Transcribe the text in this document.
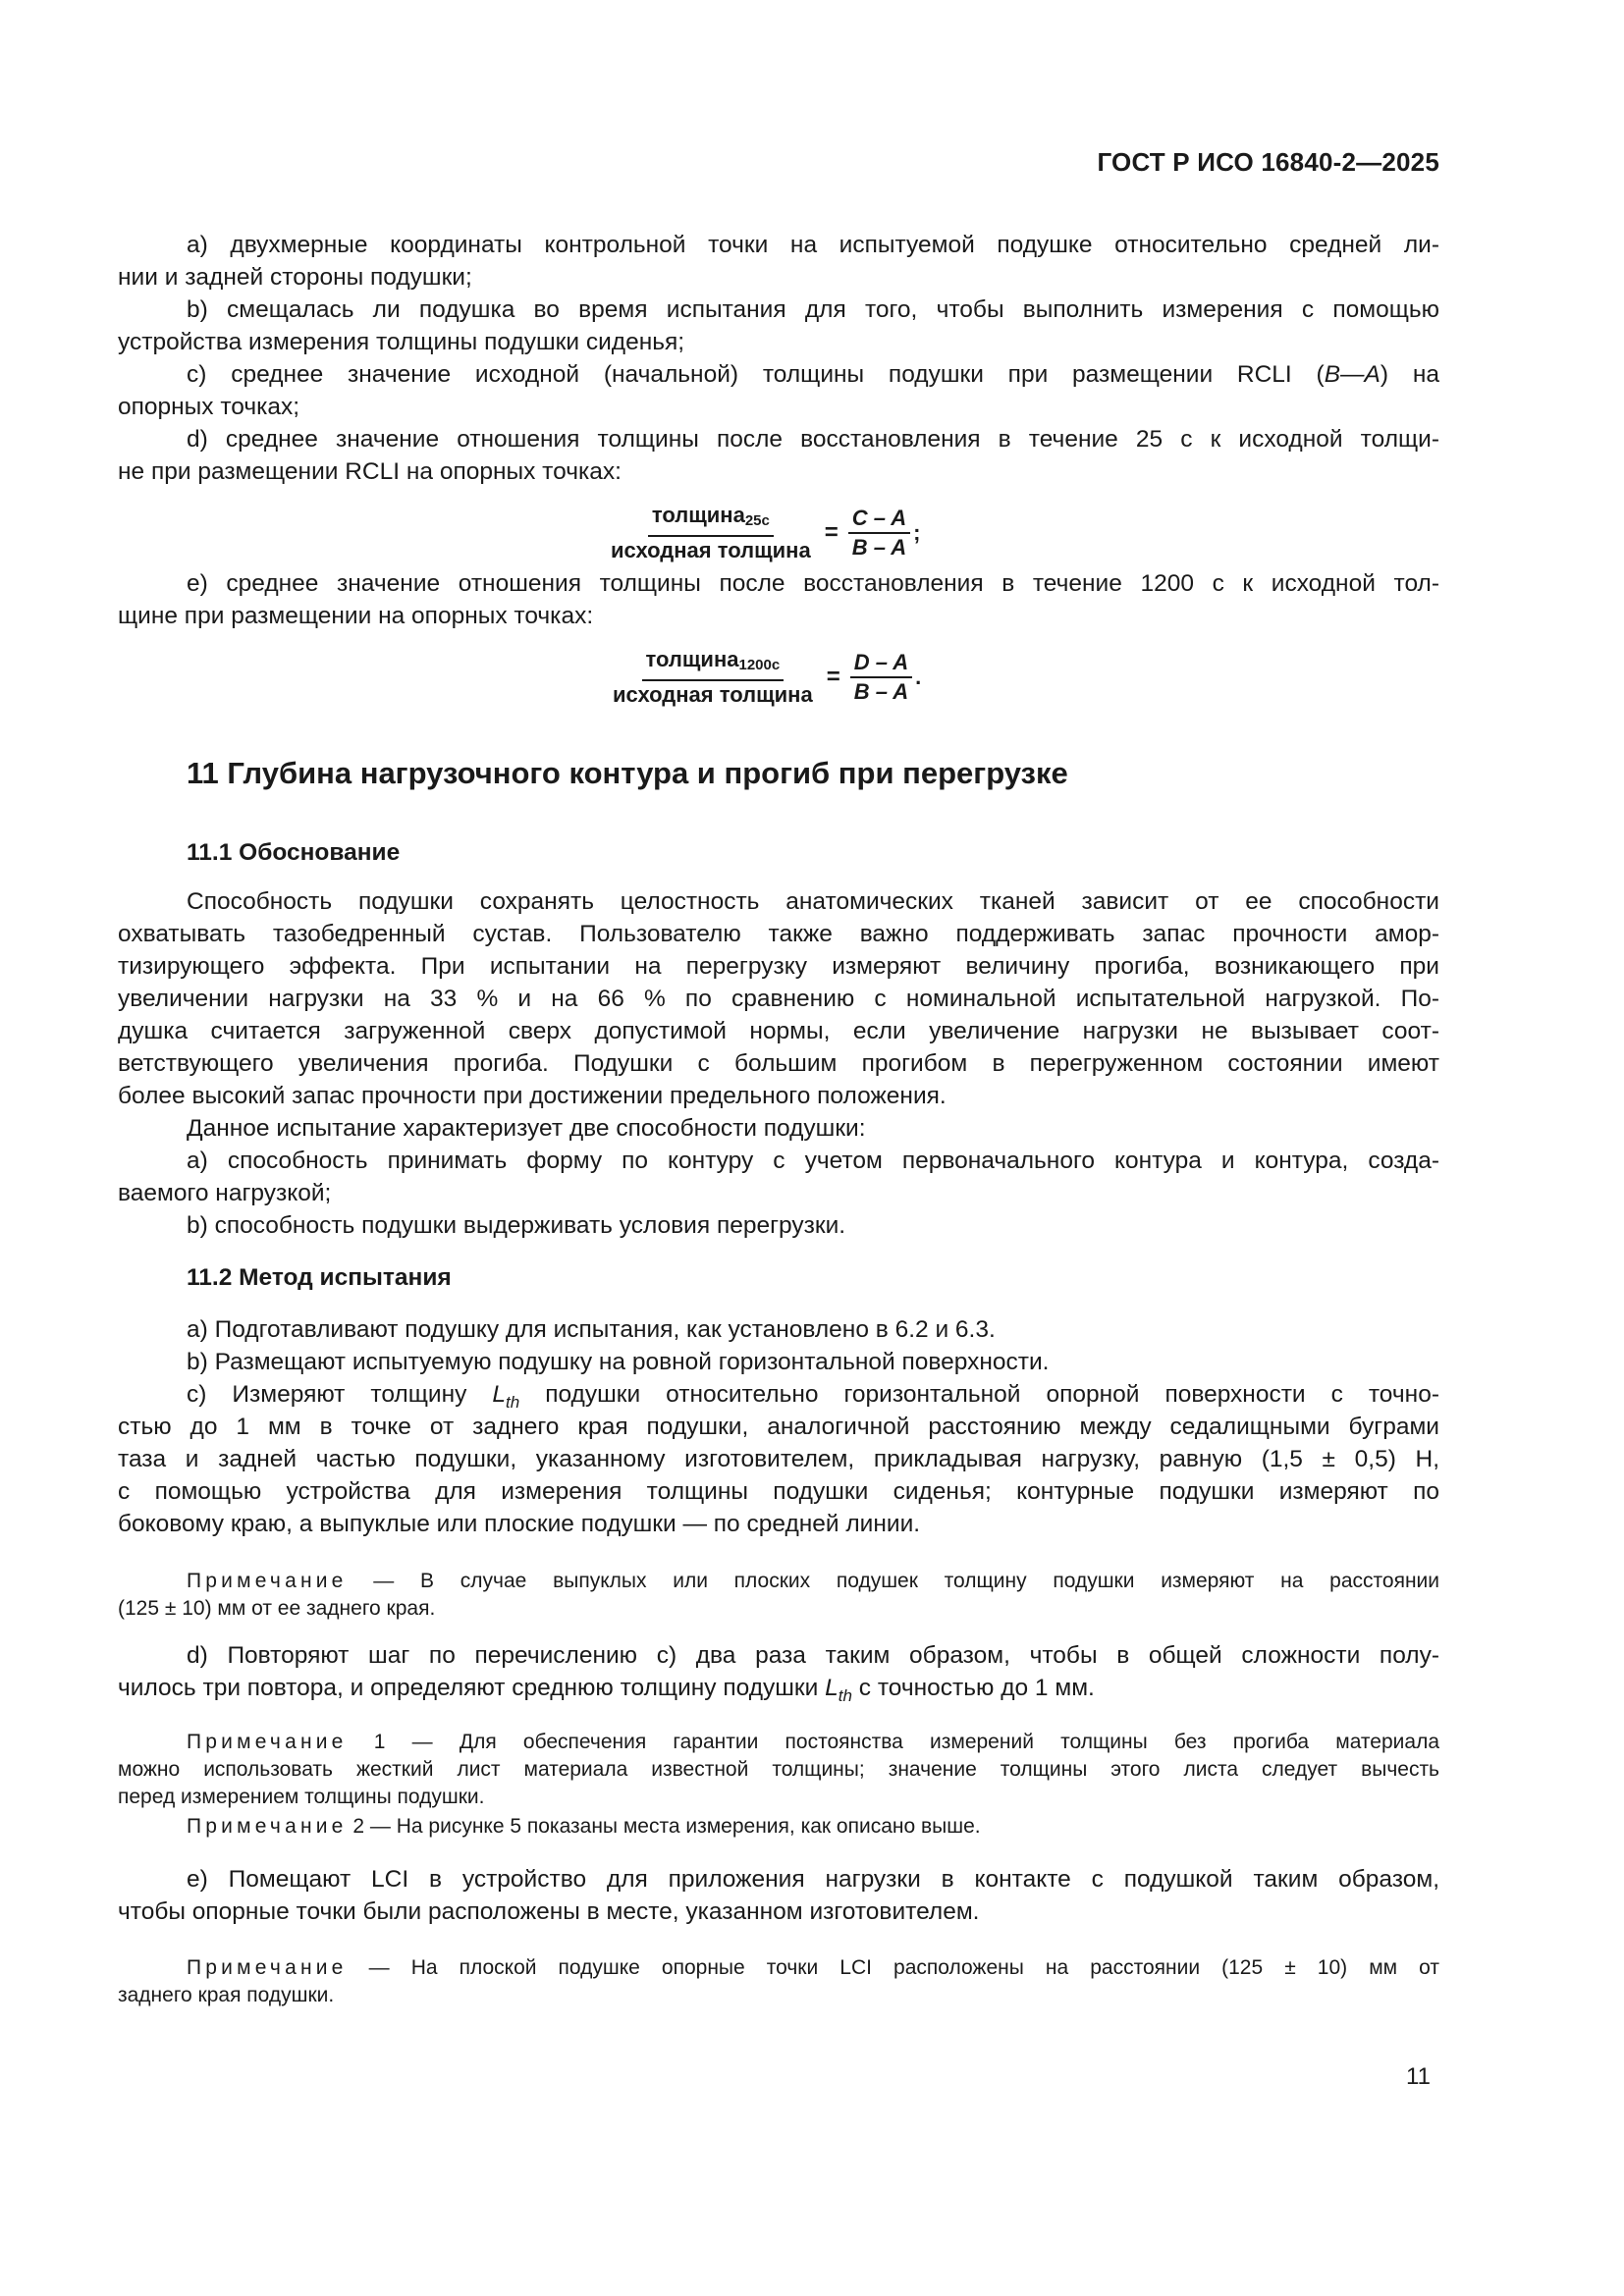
ГОСТ Р ИСО 16840-2—2025
a) двухмерные координаты контрольной точки на испытуемой подушке относительно средней ли-
нии и задней стороны подушки;
b) смещалась ли подушка во время испытания для того, чтобы выполнить измерения с помощью
устройства измерения толщины подушки сиденья;
c) среднее значение исходной (начальной) толщины подушки при размещении RCLI (B—A) на
опорных точках;
d) среднее значение отношения толщины после восстановления в течение 25 с к исходной толщи-
не при размещении RCLI на опорных точках:
$\frac{толщина_{25с}}{\text{исходная толщина}} = \frac{C - A}{B - A}$ ;
e) среднее значение отношения толщины после восстановления в течение 1200 с к исходной тол-
щине при размещении на опорных точках:
$\frac{толщина_{1200с}}{\text{исходная толщина}} = \frac{D - A}{B - A}$ .
11 Глубина нагрузочного контура и прогиб при перегрузке
11.1 Обоснование
Способность подушки сохранять целостность анатомических тканей зависит от ее способности
охватывать тазобедренный сустав. Пользователю также важно поддерживать запас прочности амор-
тизирующего эффекта. При испытании на перегрузку измеряют величину прогиба, возникающего при
увеличении нагрузки на 33 % и на 66 % по сравнению с номинальной испытательной нагрузкой. По-
душка считается загруженной сверх допустимой нормы, если увеличение нагрузки не вызывает соот-
ветствующего увеличения прогиба. Подушки с большим прогибом в перегруженном состоянии имеют
более высокий запас прочности при достижении предельного положения.
Данное испытание характеризует две способности подушки:
a) способность принимать форму по контуру с учетом первоначального контура и контура, созда-
ваемого нагрузкой;
b) способность подушки выдерживать условия перегрузки.
11.2 Метод испытания
a) Подготавливают подушку для испытания, как установлено в 6.2 и 6.3.
b) Размещают испытуемую подушку на ровной горизонтальной поверхности.
c) Измеряют толщину $L_{th}$ подушки относительно горизонтальной опорной поверхности с точно-
стью до 1 мм в точке от заднего края подушки, аналогичной расстоянию между седалищными буграми
таза и задней частью подушки, указанному изготовителем, прикладывая нагрузку, равную (1,5 ± 0,5) Н,
с помощью устройства для измерения толщины подушки сиденья; контурные подушки измеряют по
боковому краю, а выпуклые или плоские подушки — по средней линии.
Примечание — В случае выпуклых или плоских подушек толщину подушки измеряют на расстоянии
(125 ± 10) мм от ее заднего края.
d) Повторяют шаг по перечислению c) два раза таким образом, чтобы в общей сложности полу-
чилось три повтора, и определяют среднюю толщину подушки $L_{th}$ с точностью до 1 мм.
Примечание 1 — Для обеспечения гарантии постоянства измерений толщины без прогиба материала
можно использовать жесткий лист материала известной толщины; значение толщины этого листа следует вычесть
перед измерением толщины подушки.
Примечание 2 — На рисунке 5 показаны места измерения, как описано выше.
e) Помещают LCI в устройство для приложения нагрузки в контакте с подушкой таким образом,
чтобы опорные точки были расположены в месте, указанном изготовителем.
Примечание — На плоской подушке опорные точки LCI расположены на расстоянии (125 ± 10) мм от
заднего края подушки.
11
